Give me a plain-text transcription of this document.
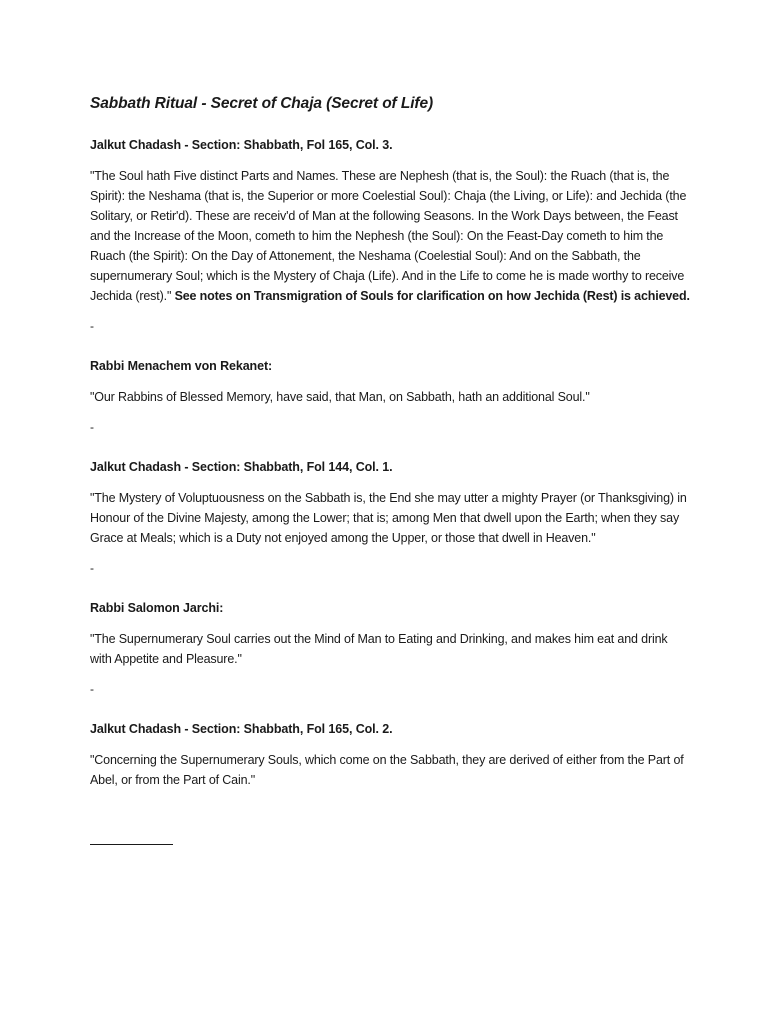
Sabbath Ritual - Secret of Chaja (Secret of Life)
Jalkut Chadash - Section: Shabbath, Fol 165, Col. 3.
"The Soul hath Five distinct Parts and Names. These are Nephesh (that is, the Soul): the Ruach (that is, the Spirit): the Neshama (that is, the Superior or more Coelestial Soul): Chaja (the Living, or Life): and Jechida (the Solitary, or Retir'd). These are receiv'd of Man at the following Seasons. In the Work Days between, the Feast and the Increase of the Moon, cometh to him the Nephesh (the Soul): On the Feast-Day cometh to him the Ruach (the Spirit): On the Day of Attonement, the Neshama (Coelestial Soul): And on the Sabbath, the supernumerary Soul; which is the Mystery of Chaja (Life). And in the Life to come he is made worthy to receive Jechida (rest)." See notes on Transmigration of Souls for clarification on how Jechida (Rest) is achieved.
-
Rabbi Menachem von Rekanet:
"Our Rabbins of Blessed Memory, have said, that Man, on Sabbath, hath an additional Soul."
-
Jalkut Chadash - Section: Shabbath, Fol 144, Col. 1.
"The Mystery of Voluptuousness on the Sabbath is, the End she may utter a mighty Prayer (or Thanksgiving) in Honour of the Divine Majesty, among the Lower; that is; among Men that dwell upon the Earth; when they say Grace at Meals; which is a Duty not enjoyed among the Upper, or those that dwell in Heaven."
-
Rabbi Salomon Jarchi:
"The Supernumerary Soul carries out the Mind of Man to Eating and Drinking, and makes him eat and drink with Appetite and Pleasure."
-
Jalkut Chadash - Section: Shabbath, Fol 165, Col. 2.
"Concerning the Supernumerary Souls, which come on the Sabbath, they are derived of either from the Part of Abel, or from the Part of Cain."
